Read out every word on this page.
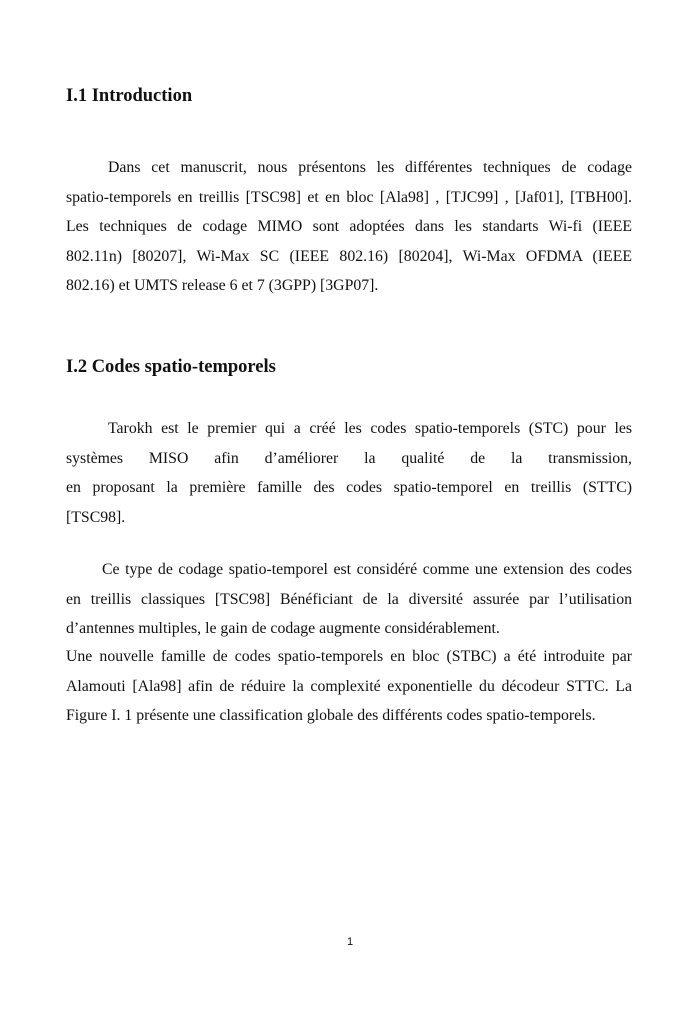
I.1 Introduction

Dans cet manuscrit, nous présentons les différentes techniques de codage
spatio-temporels en treillis [TSC98] et en bloc [Ala98] , [TJC99] , [Jaf01], [TBH00].
Les techniques de codage MIMO sont adoptées dans les standarts Wi-fi (IEEE
802.11n) [80207], Wi-Max SC (IEEE 802.16) [80204], Wi-Max OFDMA (IEEE
802.16) et UMTS release 6 et 7 (3GPP) [3GP07].

I.2 Codes spatio-temporels

Tarokh est le premier qui a créé les codes spatio-temporels (STC) pour les
systèmes MISO afin d’améliorer la qualité de la transmission,
en proposant la première famille des codes spatio-temporel en treillis (STTC)
[TSC98].

Ce type de codage spatio-temporel est considéré comme une extension des codes
en treillis classiques [TSC98] Bénéficiant de la diversité assurée par l’utilisation
d’antennes multiples, le gain de codage augmente considérablement.

Une nouvelle famille de codes spatio-temporels en bloc (STBC) a été introduite par
Alamouti [Ala98] afin de réduire la complexité exponentielle du décodeur STTC. La
Figure I. 1 présente une classification globale des différents codes spatio-temporels.

1
